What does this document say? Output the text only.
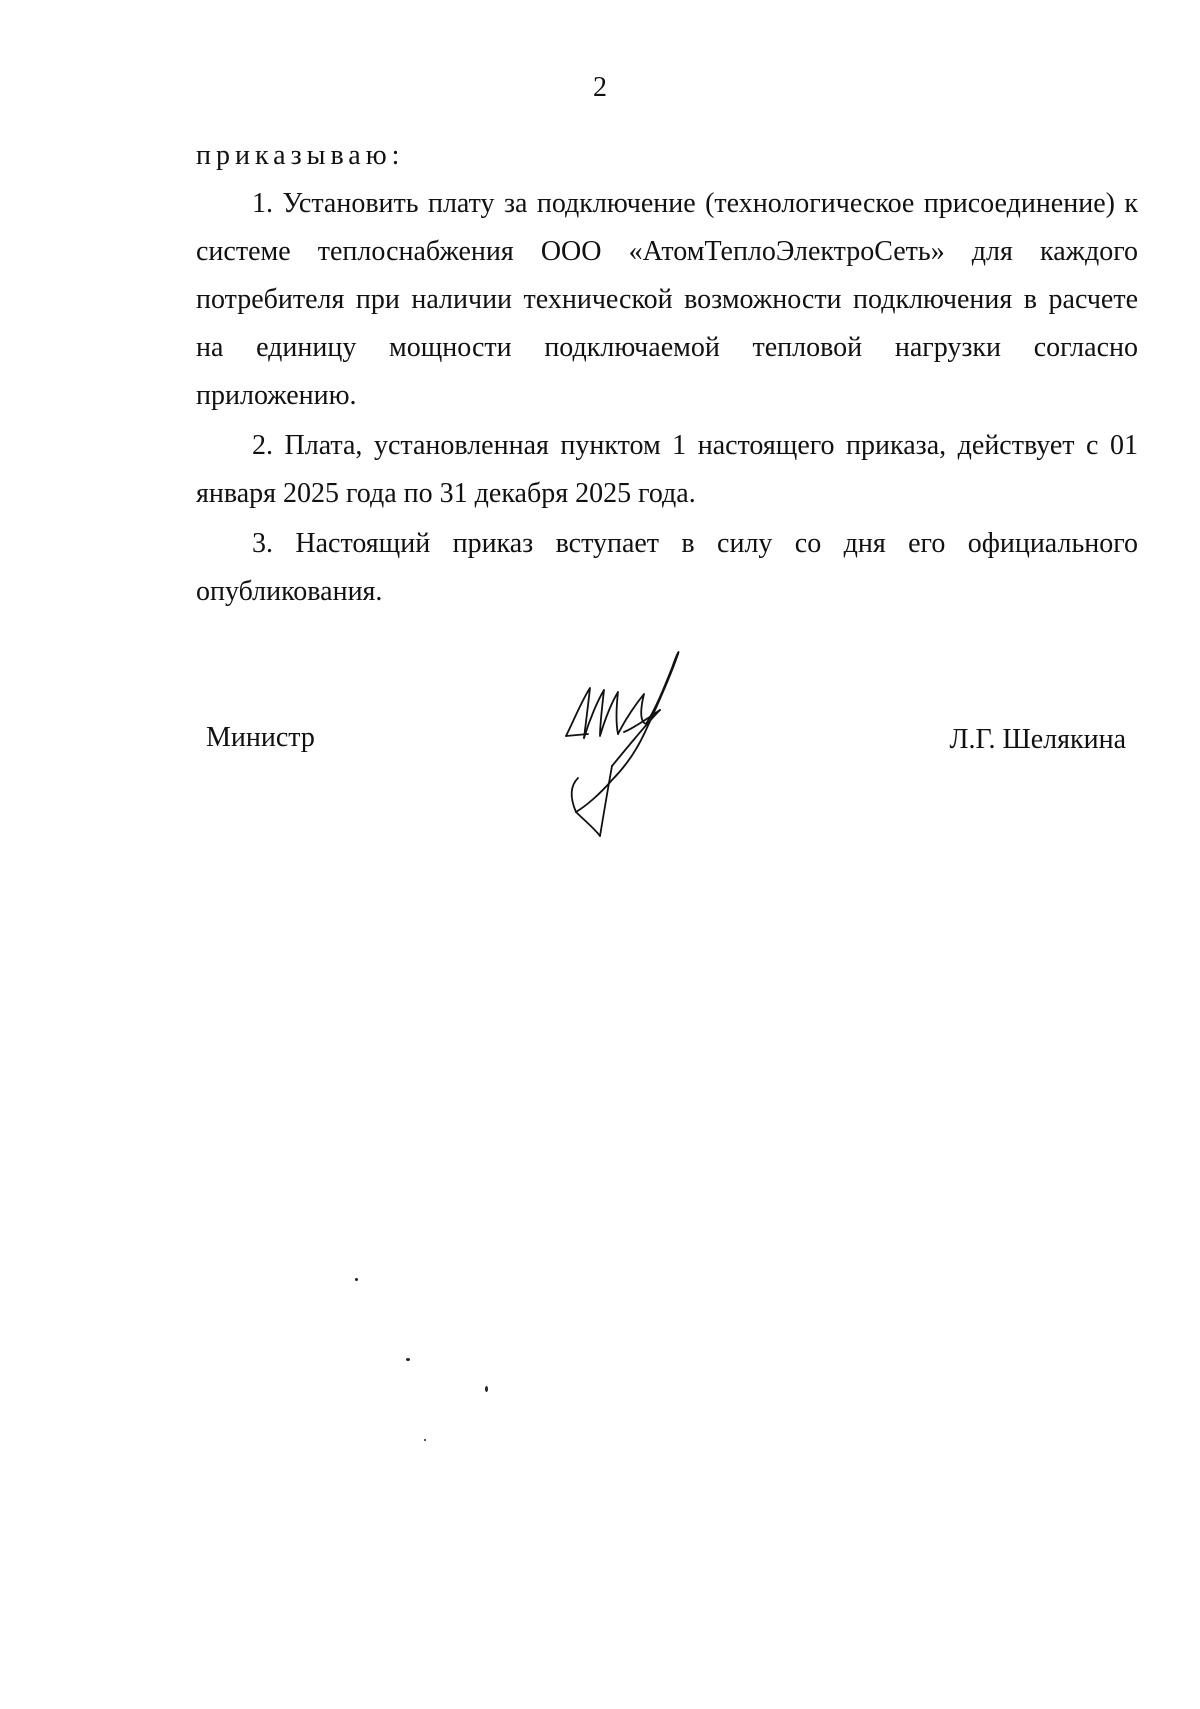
2

приказываю:

1. Установить плату за подключение (технологическое присоединение) к системе теплоснабжения ООО «АтомТеплоЭлектроСеть» для каждого потребителя при наличии технической возможности подключения в расчете на единицу мощности подключаемой тепловой нагрузки согласно приложению.

2. Плата, установленная пунктом 1 настоящего приказа, действует с 01 января 2025 года по 31 декабря 2025 года.

3. Настоящий приказ вступает в силу со дня его официального опубликования.

Министр	Л.Г. Шелякина
